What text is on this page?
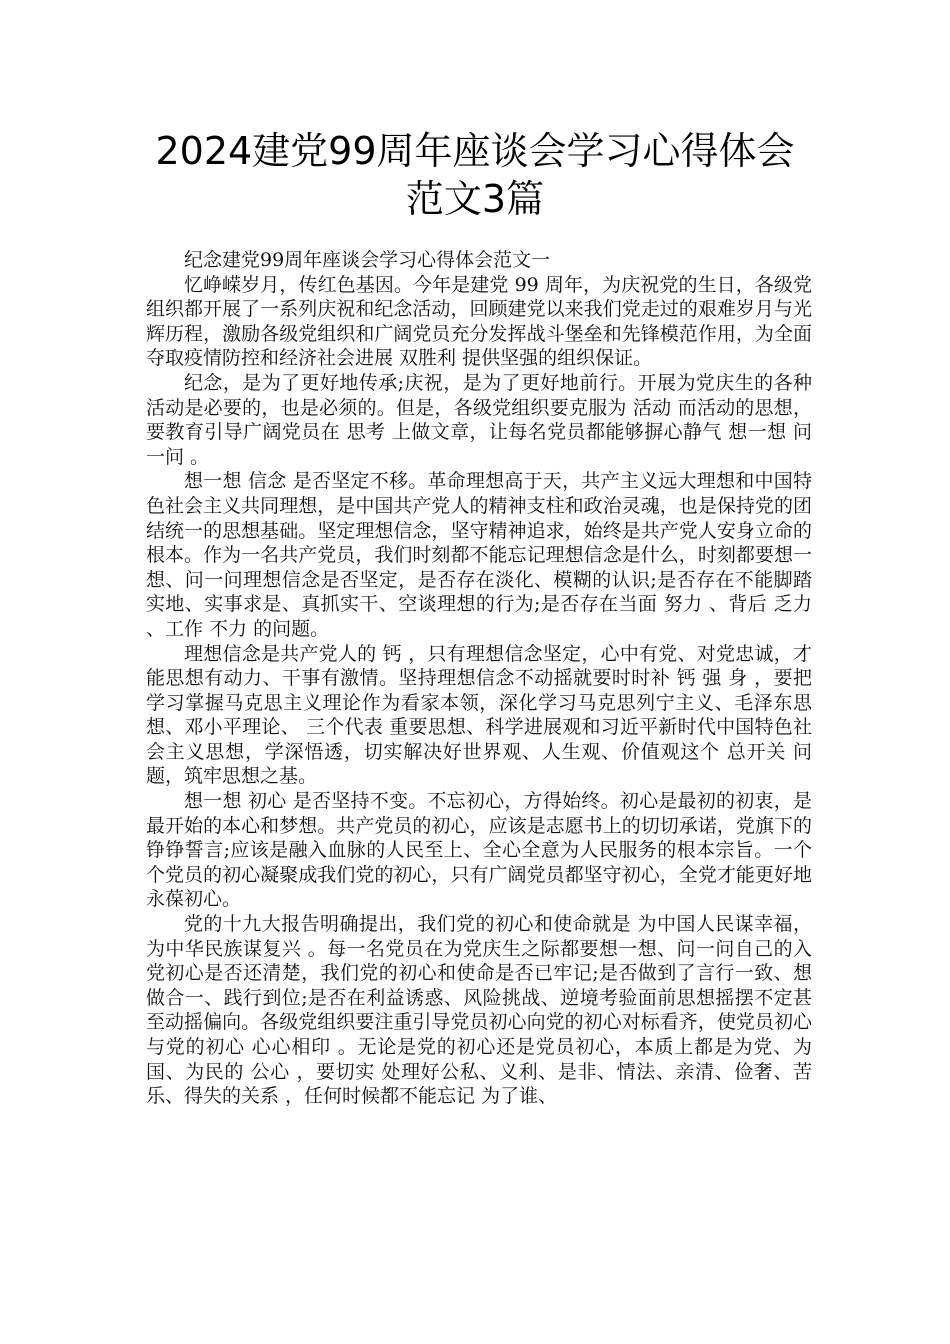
2024建党99周年座谈会学习心得体会
范文3篇

纪念建党99周年座谈会学习心得体会范文一

忆峥嵘岁月，传红色基因。今年是建党 99 周年，为庆祝党的生日，各级党组织都开展了一系列庆祝和纪念活动，回顾建党以来我们党走过的艰难岁月与光辉历程，激励各级党组织和广阔党员充分发挥战斗堡垒和先锋模范作用，为全面夺取疫情防控和经济社会进展 双胜利 提供坚强的组织保证。

纪念，是为了更好地传承;庆祝，是为了更好地前行。开展为党庆生的各种活动是必要的，也是必须的。但是，各级党组织要克服为 活动 而活动的思想，要教育引导广阔党员在 思考 上做文章，让每名党员都能够摒心静气 想一想 问一问 。

想一想 信念 是否坚定不移。革命理想高于天，共产主义远大理想和中国特色社会主义共同理想，是中国共产党人的精神支柱和政治灵魂，也是保持党的团结统一的思想基础。坚定理想信念，坚守精神追求，始终是共产党人安身立命的根本。作为一名共产党员，我们时刻都不能忘记理想信念是什么，时刻都要想一想、问一问理想信念是否坚定，是否存在淡化、模糊的认识;是否存在不能脚踏实地、实事求是、真抓实干、空谈理想的行为;是否存在当面 努力 、背后 乏力 、工作 不力 的问题。

理想信念是共产党人的 钙 ，只有理想信念坚定，心中有党、对党忠诚，才能思想有动力、干事有激情。坚持理想信念不动摇就要时时补 钙 强 身 ，要把学习掌握马克思主义理论作为看家本领，深化学习马克思列宁主义、毛泽东思想、邓小平理论、 三个代表 重要思想、科学进展观和习近平新时代中国特色社会主义思想，学深悟透，切实解决好世界观、人生观、价值观这个 总开关 问题，筑牢思想之基。

想一想 初心 是否坚持不变。不忘初心，方得始终。初心是最初的初衷，是最开始的本心和梦想。共产党员的初心，应该是志愿书上的切切承诺，党旗下的铮铮誓言;应该是融入血脉的人民至上、全心全意为人民服务的根本宗旨。一个个党员的初心凝聚成我们党的初心，只有广阔党员都坚守初心，全党才能更好地永葆初心。

党的十九大报告明确提出，我们党的初心和使命就是 为中国人民谋幸福，为中华民族谋复兴 。每一名党员在为党庆生之际都要想一想、问一问自己的入党初心是否还清楚，我们党的初心和使命是否已牢记;是否做到了言行一致、想做合一、践行到位;是否在利益诱惑、风险挑战、逆境考验面前思想摇摆不定甚至动摇偏向。各级党组织要注重引导党员初心向党的初心对标看齐，使党员初心与党的初心 心心相印 。无论是党的初心还是党员初心，本质上都是为党、为国、为民的 公心 ，要切实 处理好公私、义利、是非、情法、亲清、俭奢、苦乐、得失的关系 ，任何时候都不能忘记 为了谁、
